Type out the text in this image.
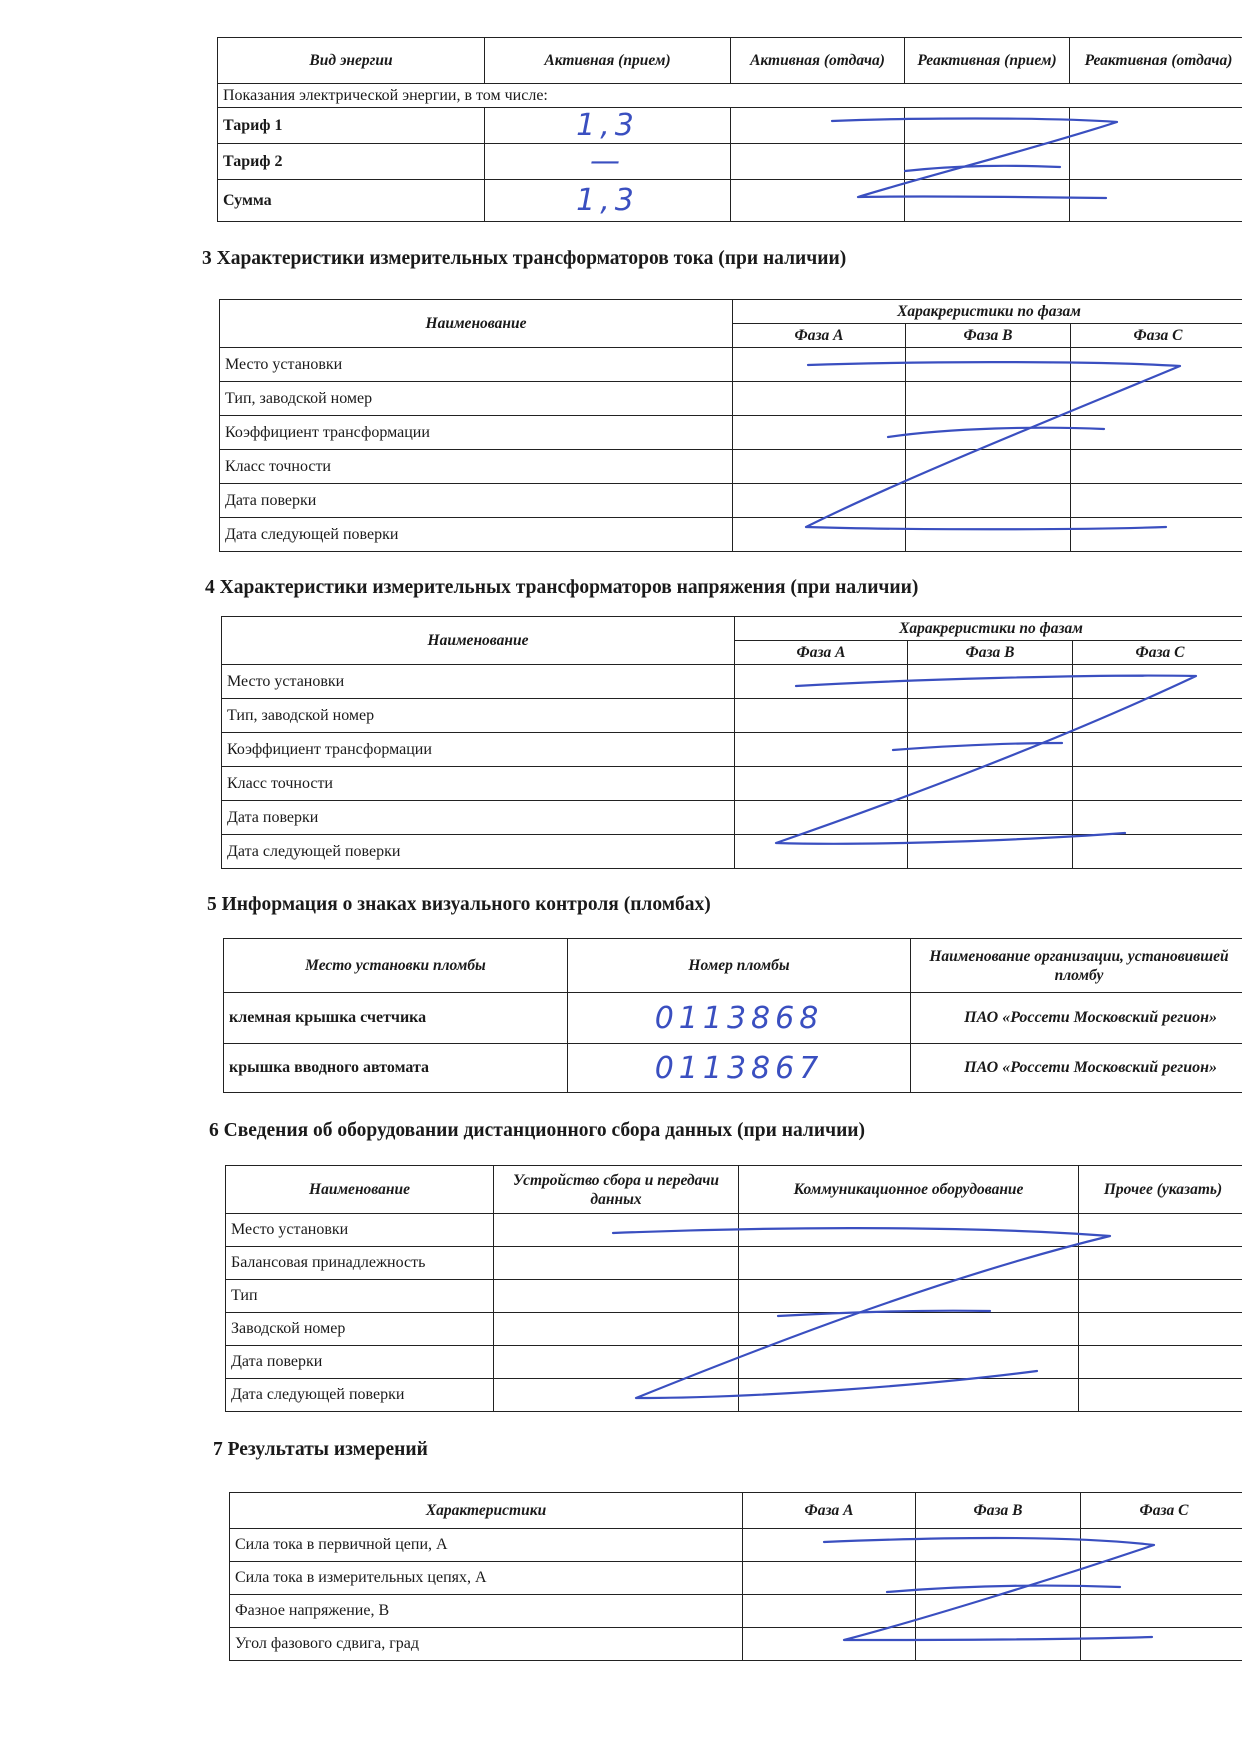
Вид энергии	Активная (прием)	Активная (отдача)	Реактивная (прием)	Реактивная (отдача)
Показания электрической энергии, в том числе:				
Тариф 1	1,3			
Тариф 2	—			
Сумма	1,3			
3 Характеристики измерительных трансформаторов тока (при наличии)
Наименование	Харакрeристики по фазам		
	Фаза А	Фаза В	Фаза С
Место установки			
Тип, заводской номер			
Коэффициент трансформации			
Класс точности			
Дата поверки			
Дата следующей поверки			
4 Характеристики измерительных трансформаторов напряжения (при наличии)
Наименование	Харакрeристики по фазам		
	Фаза А	Фаза В	Фаза С
Место установки			
Тип, заводской номер			
Коэффициент трансформации			
Класс точности			
Дата поверки			
Дата следующей поверки			
5 Информация о знаках визуального контроля (пломбах)
Место установки пломбы	Номер пломбы	Наименование организации, установившей пломбу
клемная крышка счетчика	0113868	ПАО «Россети Московский регион»
крышка вводного автомата	0113867	ПАО «Россети Московский регион»
6 Сведения об оборудовании дистанционного сбора данных (при наличии)
Наименование	Устройство сбора и передачи данных	Коммуникационное оборудование	Прочее (указать)
Место установки			
Балансовая принадлежность			
Тип			
Заводской номер			
Дата поверки			
Дата следующей поверки			
7 Результаты измерений
Характеристики	Фаза А	Фаза В	Фаза С
Сила тока в первичной цепи, А			
Сила тока в измерительных цепях, А			
Фазное напряжение, В			
Угол фазового сдвига, град			
